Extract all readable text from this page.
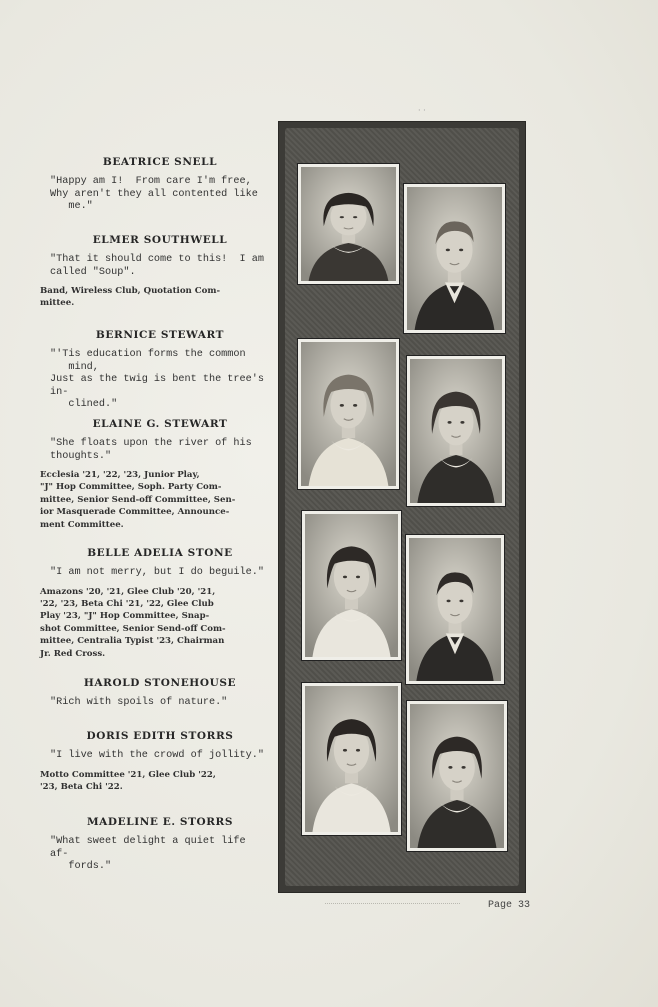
· ·
BEATRICE SNELL
"Happy am I!  From care I'm free,
Why aren't they all contented like
me."
ELMER SOUTHWELL
"That it should come to this!  I am
called "Soup".
Band, Wireless Club, Quotation Com-
mittee.
BERNICE STEWART
"'Tis education forms the common
mind,
Just as the twig is bent the tree's in-
clined."
ELAINE G. STEWART
"She floats upon the river of his
thoughts."
Ecclesia '21, '22, '23, Junior Play,
"J" Hop Committee, Soph. Party Com-
mittee, Senior Send-off Committee, Sen-
ior Masquerade Committee, Announce-
ment Committee.
BELLE ADELIA STONE
"I am not merry, but I do beguile."
Amazons '20, '21, Glee Club '20, '21,
'22, '23, Beta Chi '21, '22, Glee Club
Play '23, "J" Hop Committee, Snap-
shot Committee, Senior Send-off Com-
mittee, Centralia Typist '23, Chairman
Jr. Red Cross.
HAROLD STONEHOUSE
"Rich with spoils of nature."
DORIS EDITH STORRS
"I live with the crowd of jollity."
Motto Committee '21, Glee Club '22,
'23, Beta Chi '22.
MADELINE E. STORRS
"What sweet delight a quiet life af-
fords."
Page 33
